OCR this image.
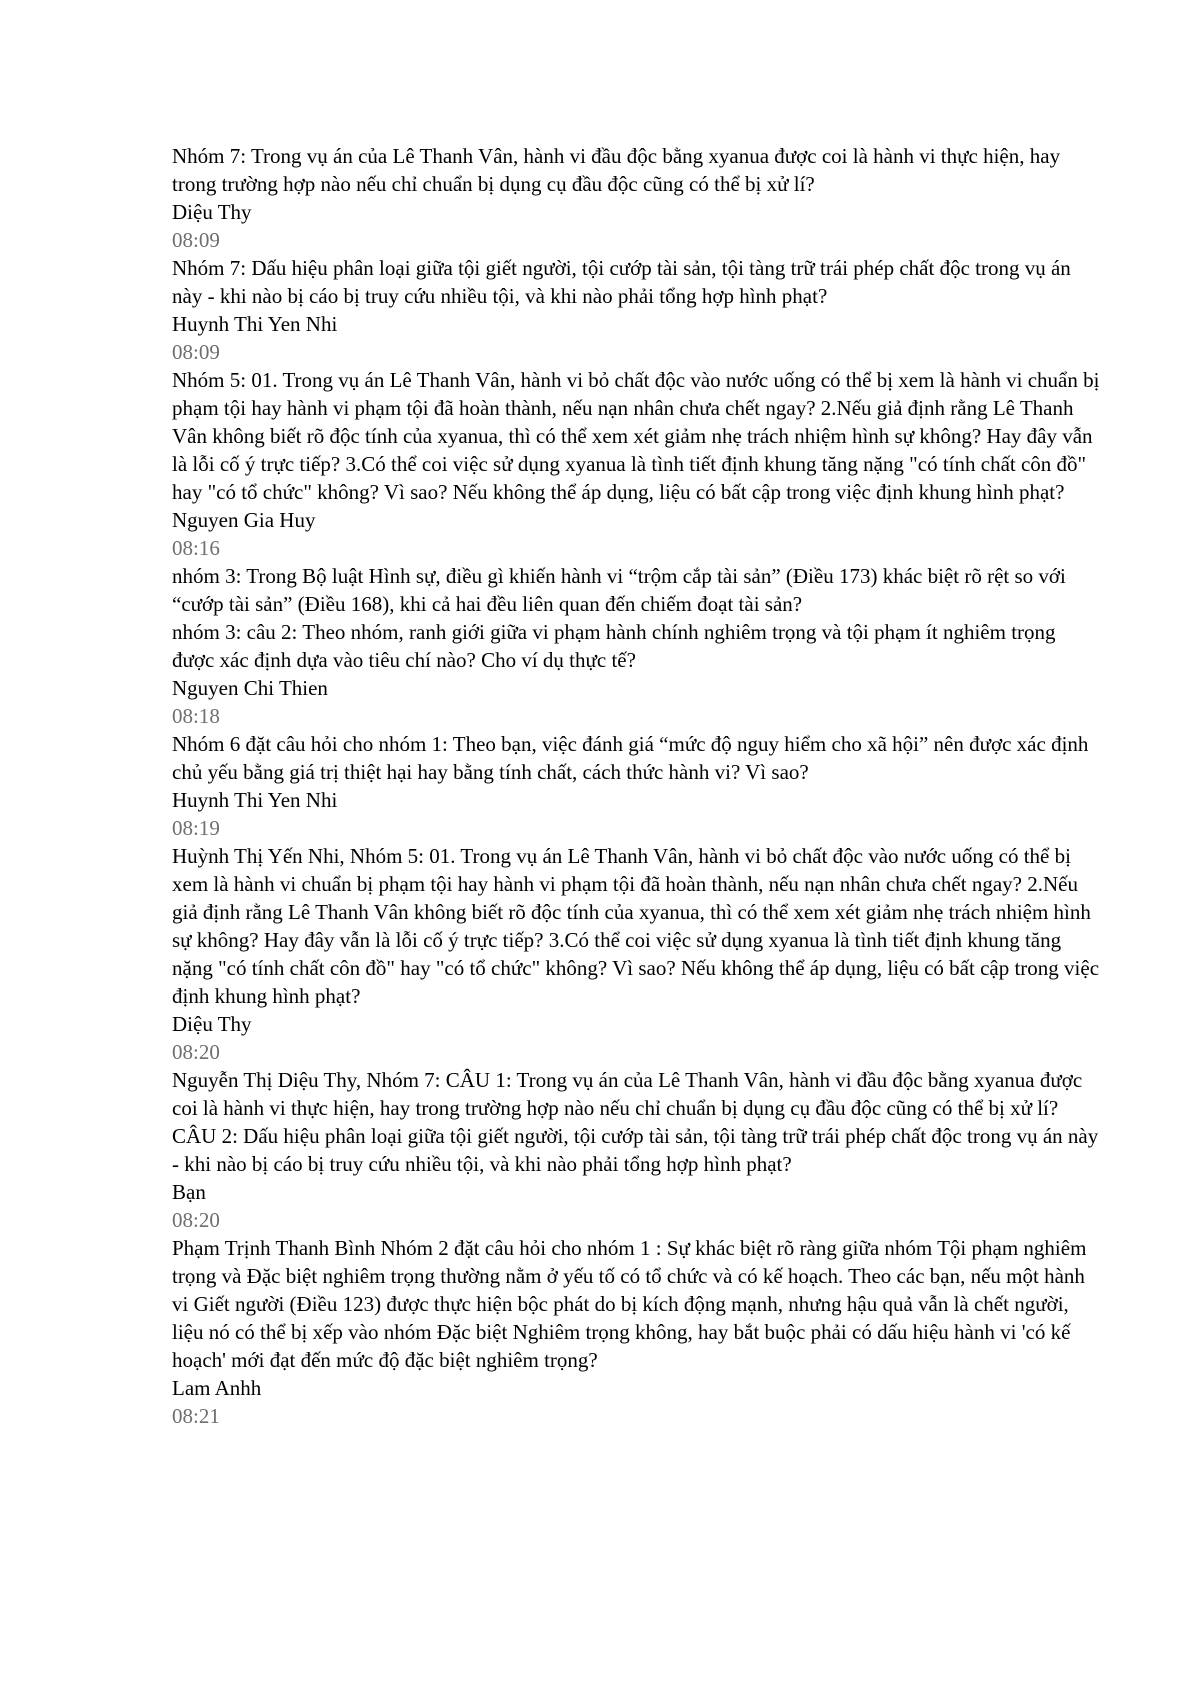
Nhóm 7: Trong vụ án của Lê Thanh Vân, hành vi đầu độc bằng xyanua được coi là hành vi thực hiện, hay trong trường hợp nào nếu chỉ chuẩn bị dụng cụ đầu độc cũng có thể bị xử lí?
Diệu Thy
08:09
Nhóm 7: Dấu hiệu phân loại giữa tội giết người, tội cướp tài sản, tội tàng trữ trái phép chất độc trong vụ án này - khi nào bị cáo bị truy cứu nhiều tội, và khi nào phải tổng hợp hình phạt?
Huynh Thi Yen Nhi
08:09
Nhóm 5: 01. Trong vụ án Lê Thanh Vân, hành vi bỏ chất độc vào nước uống có thể bị xem là hành vi chuẩn bị phạm tội hay hành vi phạm tội đã hoàn thành, nếu nạn nhân chưa chết ngay? 2.Nếu giả định rằng Lê Thanh Vân không biết rõ độc tính của xyanua, thì có thể xem xét giảm nhẹ trách nhiệm hình sự không? Hay đây vẫn là lỗi cố ý trực tiếp? 3.Có thể coi việc sử dụng xyanua là tình tiết định khung tăng nặng "có tính chất côn đồ" hay "có tổ chức" không? Vì sao? Nếu không thể áp dụng, liệu có bất cập trong việc định khung hình phạt?
Nguyen Gia Huy
08:16
nhóm 3: Trong Bộ luật Hình sự, điều gì khiến hành vi “trộm cắp tài sản” (Điều 173) khác biệt rõ rệt so với “cướp tài sản” (Điều 168), khi cả hai đều liên quan đến chiếm đoạt tài sản?
nhóm 3: câu 2: Theo nhóm, ranh giới giữa vi phạm hành chính nghiêm trọng và tội phạm ít nghiêm trọng được xác định dựa vào tiêu chí nào? Cho ví dụ thực tế?
Nguyen Chi Thien
08:18
Nhóm 6 đặt câu hỏi cho nhóm 1: Theo bạn, việc đánh giá “mức độ nguy hiểm cho xã hội” nên được xác định chủ yếu bằng giá trị thiệt hại hay bằng tính chất, cách thức hành vi? Vì sao?
Huynh Thi Yen Nhi
08:19
Huỳnh Thị Yến Nhi, Nhóm 5: 01. Trong vụ án Lê Thanh Vân, hành vi bỏ chất độc vào nước uống có thể bị xem là hành vi chuẩn bị phạm tội hay hành vi phạm tội đã hoàn thành, nếu nạn nhân chưa chết ngay? 2.Nếu giả định rằng Lê Thanh Vân không biết rõ độc tính của xyanua, thì có thể xem xét giảm nhẹ trách nhiệm hình sự không? Hay đây vẫn là lỗi cố ý trực tiếp? 3.Có thể coi việc sử dụng xyanua là tình tiết định khung tăng nặng "có tính chất côn đồ" hay "có tổ chức" không? Vì sao? Nếu không thể áp dụng, liệu có bất cập trong việc định khung hình phạt?
Diệu Thy
08:20
Nguyễn Thị Diệu Thy, Nhóm 7: CÂU 1: Trong vụ án của Lê Thanh Vân, hành vi đầu độc bằng xyanua được coi là hành vi thực hiện, hay trong trường hợp nào nếu chỉ chuẩn bị dụng cụ đầu độc cũng có thể bị xử lí? CÂU 2: Dấu hiệu phân loại giữa tội giết người, tội cướp tài sản, tội tàng trữ trái phép chất độc trong vụ án này - khi nào bị cáo bị truy cứu nhiều tội, và khi nào phải tổng hợp hình phạt?
Bạn
08:20
Phạm Trịnh Thanh Bình Nhóm 2 đặt câu hỏi cho nhóm 1 : Sự khác biệt rõ ràng giữa nhóm Tội phạm nghiêm trọng và Đặc biệt nghiêm trọng thường nằm ở yếu tố có tổ chức và có kế hoạch. Theo các bạn, nếu một hành vi Giết người (Điều 123) được thực hiện bộc phát do bị kích động mạnh, nhưng hậu quả vẫn là chết người, liệu nó có thể bị xếp vào nhóm Đặc biệt Nghiêm trọng không, hay bắt buộc phải có dấu hiệu hành vi 'có kế hoạch' mới đạt đến mức độ đặc biệt nghiêm trọng?
Lam Anhh
08:21
